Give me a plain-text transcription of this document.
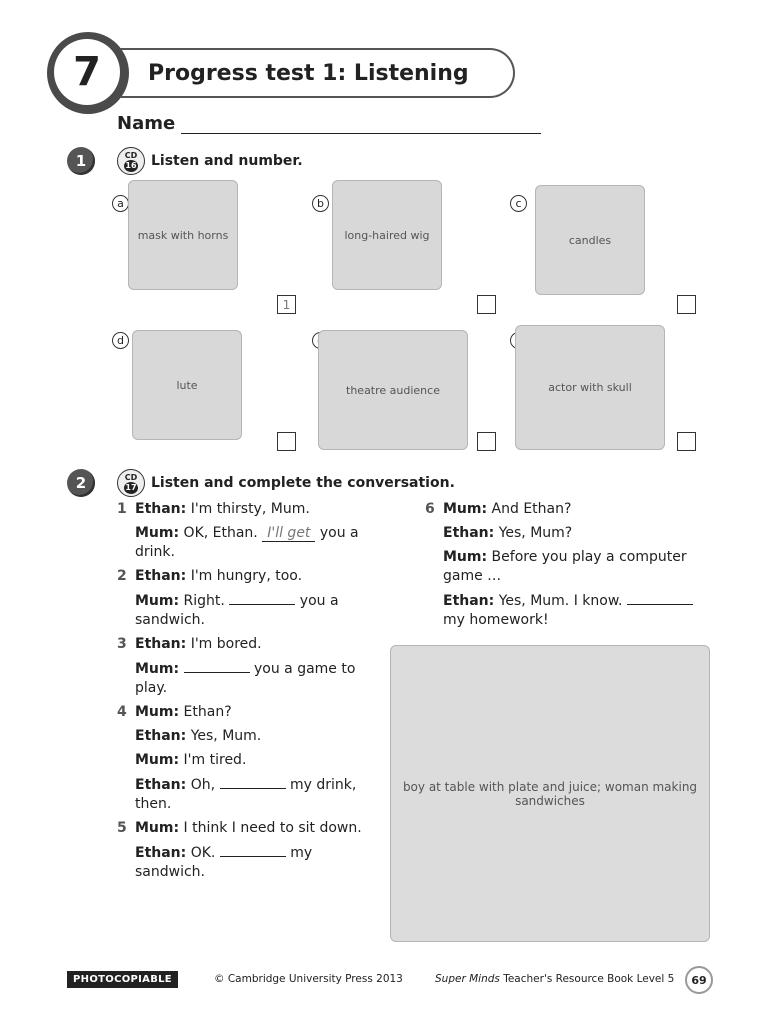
7	Progress test 1: Listening
Name
1	CD
16 Listen and number.
a
mask with horns
1
b
long-haired wig
c
candles
d
lute	theatre audience	actor with skull
2	CD
17 Listen and complete the conversation.
1 Ethan: I'm thirsty, Mum.
Mum: OK, Ethan. I'll get you a drink.
2 Ethan: I'm hungry, too.
Mum: Right.	you a sandwich.
3 Ethan: I'm bored.
Mum:	you a game to play.
4 Mum: Ethan?
Ethan: Yes, Mum.
Mum: I'm tired.
Ethan: Oh,	my drink, then.
5 Mum: I think I need to sit down.
Ethan: OK.	my sandwich.
6 Mum: And Ethan?
Ethan: Yes, Mum?
Mum: Before you play a computer game …
Ethan: Yes, Mum. I know.  my homework!
boy at table with plate and juice; woman making sandwiches
PHOTOCOPIABLE	© Cambridge University Press 2013	Super Minds Teacher's Resource Book Level 5	69
